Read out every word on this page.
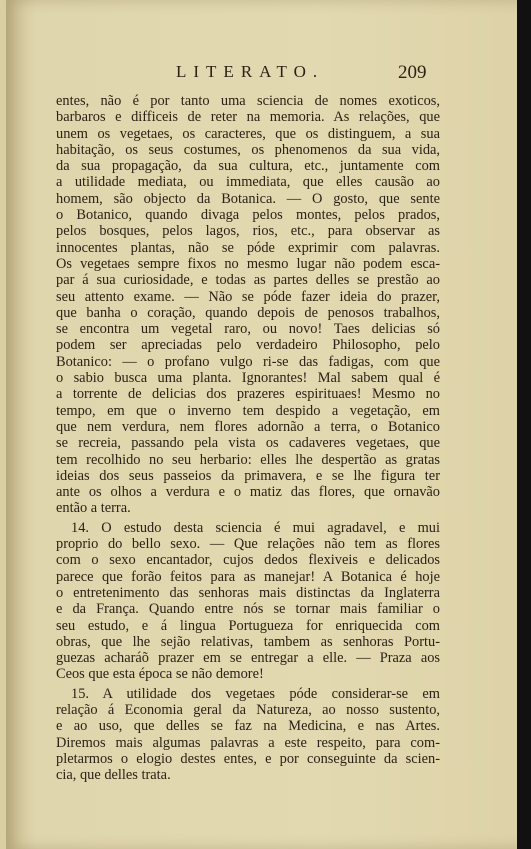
LITERATO.	209
entes, não é por tanto uma sciencia de nomes exoticos,
barbaros e difficeis de reter na memoria. As relações, que
unem os vegetaes, os caracteres, que os distinguem, a sua
habitação, os seus costumes, os phenomenos da sua vida,
da sua propagação, da sua cultura, etc., juntamente com
a utilidade mediata, ou immediata, que elles causão ao
homem, são objecto da Botanica. — O gosto, que sente
o Botanico, quando divaga pelos montes, pelos prados,
pelos bosques, pelos lagos, rios, etc., para observar as
innocentes plantas, não se póde exprimir com palavras.
Os vegetaes sempre fixos no mesmo lugar não podem esca-
par á sua curiosidade, e todas as partes delles se prestão ao
seu attento exame. — Não se póde fazer ideia do prazer,
que banha o coração, quando depois de penosos trabalhos,
se encontra um vegetal raro, ou novo! Taes delicias só
podem ser apreciadas pelo verdadeiro Philosopho, pelo
Botanico: — o profano vulgo ri-se das fadigas, com que
o sabio busca uma planta. Ignorantes! Mal sabem qual é
a torrente de delicias dos prazeres espirituaes! Mesmo no
tempo, em que o inverno tem despido a vegetação, em
que nem verdura, nem flores adornão a terra, o Botanico
se recreia, passando pela vista os cadaveres vegetaes, que
tem recolhido no seu herbario: elles lhe despertão as gratas
ideias dos seus passeios da primavera, e se lhe figura ter
ante os olhos a verdura e o matiz das flores, que ornavão
então a terra.
14. O estudo desta sciencia é mui agradavel, e mui
proprio do bello sexo. — Que relações não tem as flores
com o sexo encantador, cujos dedos flexiveis e delicados
parece que forão feitos para as manejar! A Botanica é hoje
o entretenimento das senhoras mais distinctas da Inglaterra
e da França. Quando entre nós se tornar mais familiar o
seu estudo, e á lingua Portugueza for enriquecida com
obras, que lhe sejão relativas, tambem as senhoras Portu-
guezas acharáõ prazer em se entregar a elle. — Praza aos
Ceos que esta época se não demore!
15. A utilidade dos vegetaes póde considerar-se em
relação á Economia geral da Natureza, ao nosso sustento,
e ao uso, que delles se faz na Medicina, e nas Artes.
Diremos mais algumas palavras a este respeito, para com-
pletarmos o elogio destes entes, e por conseguinte da scien-
cia, que delles trata.
